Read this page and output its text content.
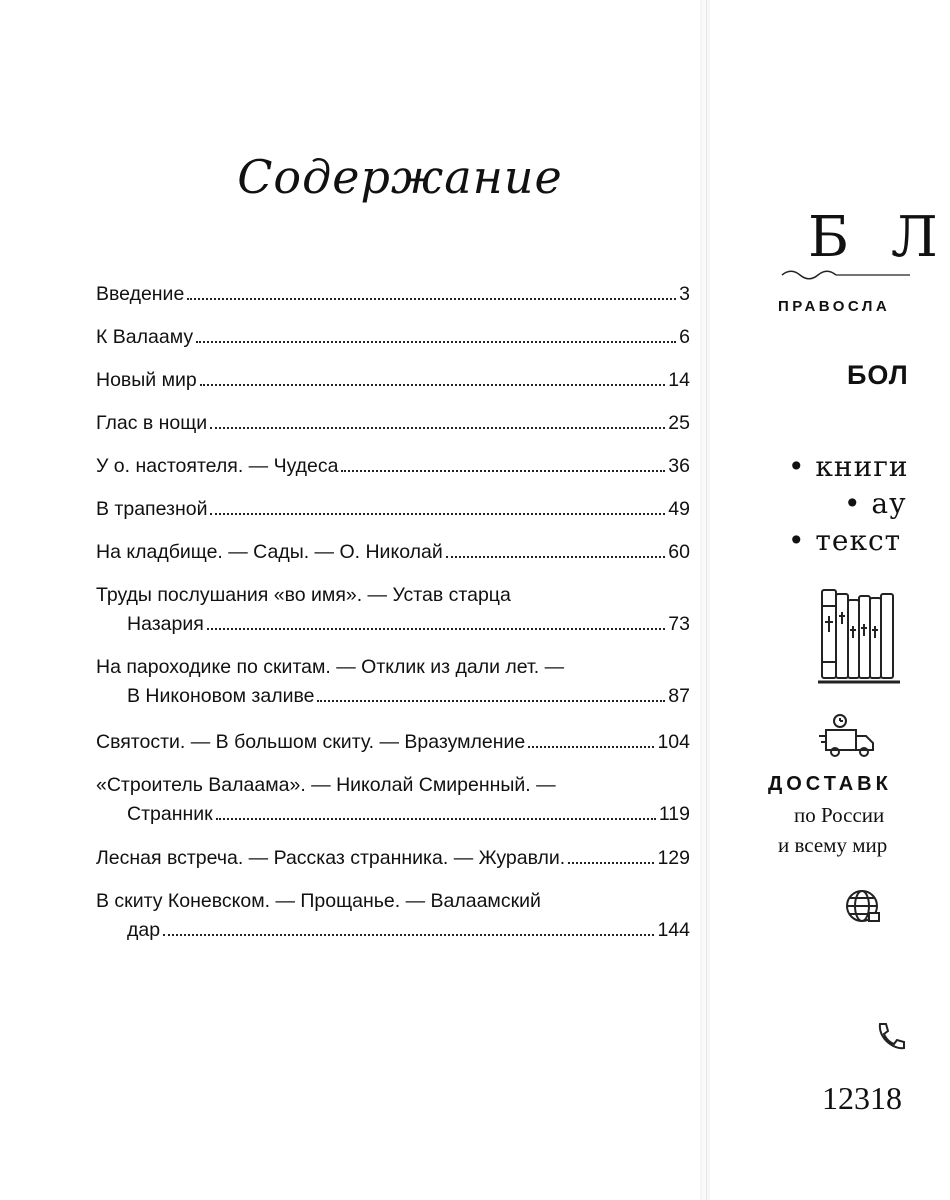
Содержание
Введение	3
К Валааму	6
Новый мир	14
Глас в нощи	25
У о. настоятеля. — Чудеса	36
В трапезной	49
На кладбище. — Сады. — О. Николай	60
Труды послушания «во имя». — Устав старца
Назария	73
На пароходике по скитам. — Отклик из дали лет. —
В Никоновом заливе	87
Святости. — В большом скиту. — Вразумление	104
«Строитель Валаама». — Николай Смиренный. —
Странник	119
Лесная встреча. — Рассказ странника. — Журавли.	129
В скиту Коневском. — Прощанье. — Валаамский
дар	144
Б Л
ПРАВОСЛА
БОЛ
• книги
• ау
• текст
ДОСТАВК
по России
и всему мир
12318
